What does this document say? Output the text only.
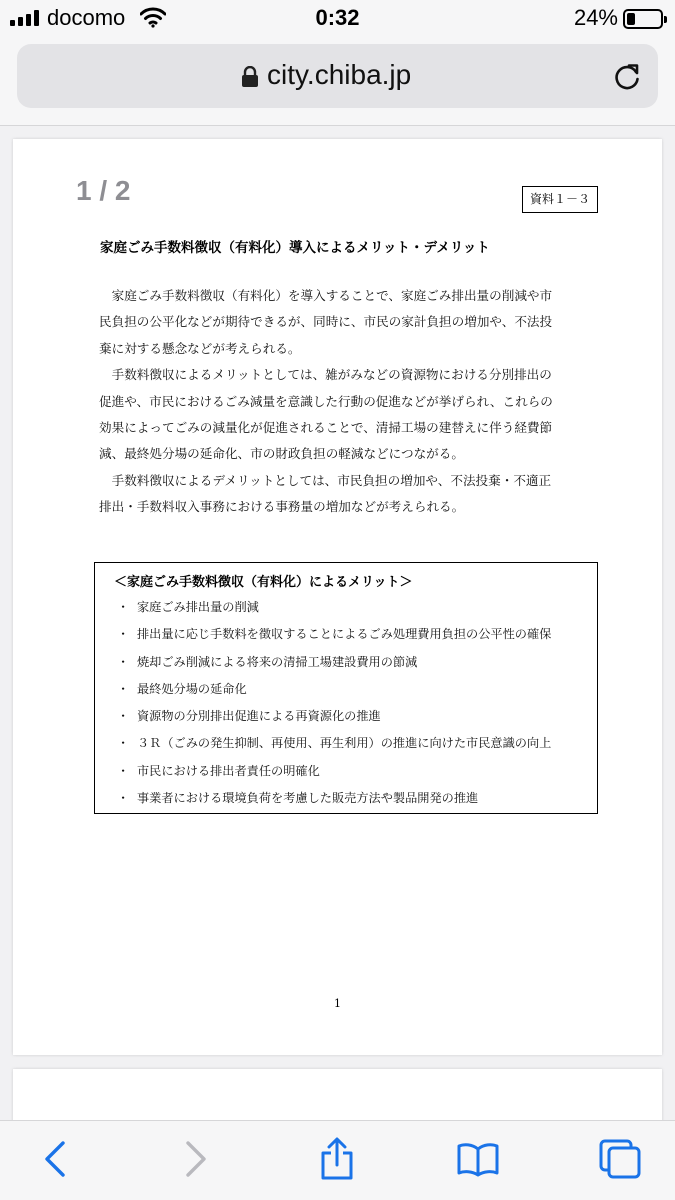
docomo	0:32	24%
city.chiba.jp
1 / 2	資料１－３
家庭ごみ手数料徴収（有料化）導入によるメリット・デメリット

家庭ごみ手数料徴収（有料化）を導入することで、家庭ごみ排出量の削減や市

民負担の公平化などが期待できるが、同時に、市民の家計負担の増加や、不法投

棄に対する懸念などが考えられる。

手数料徴収によるメリットとしては、雑がみなどの資源物における分別排出の

促進や、市民におけるごみ減量を意識した行動の促進などが挙げられ、これらの

効果によってごみの減量化が促進されることで、清掃工場の建替えに伴う経費節

減、最終処分場の延命化、市の財政負担の軽減などにつながる。

手数料徴収によるデメリットとしては、市民負担の増加や、不法投棄・不適正

排出・手数料収入事務における事務量の増加などが考えられる。

＜家庭ごみ手数料徴収（有料化）によるメリット＞
・ 家庭ごみ排出量の削減
・ 排出量に応じ手数料を徴収することによるごみ処理費用負担の公平性の確保
・ 焼却ごみ削減による将来の清掃工場建設費用の節減
・ 最終処分場の延命化
・ 資源物の分別排出促進による再資源化の推進
・ ３Ｒ（ごみの発生抑制、再使用、再生利用）の推進に向けた市民意識の向上
・ 市民における排出者責任の明確化
・ 事業者における環境負荷を考慮した販売方法や製品開発の推進
1
